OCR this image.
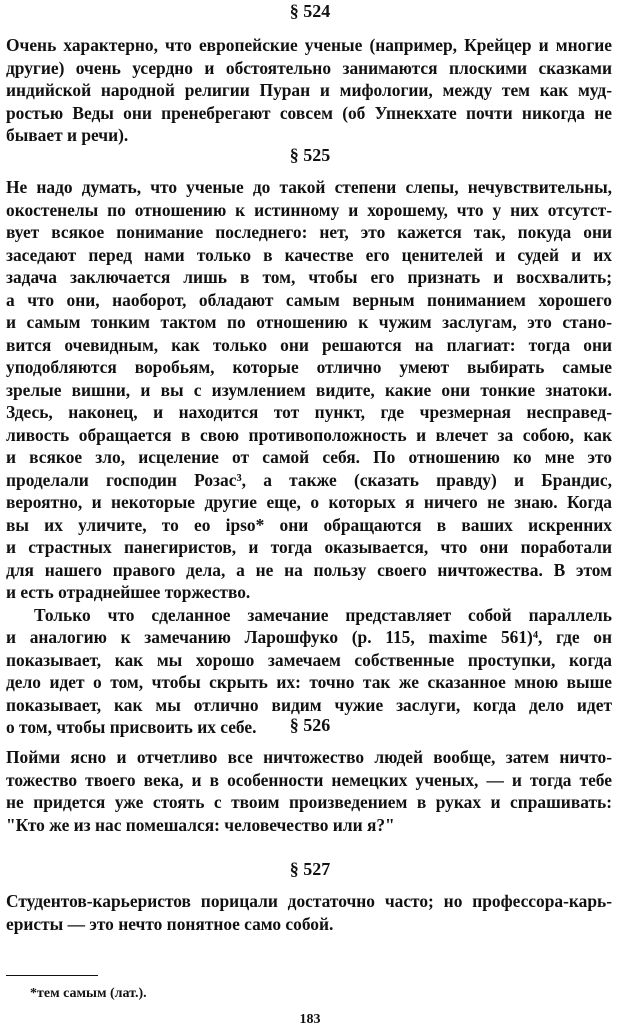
§ 524
Очень характерно, что европейские ученые (например, Крейцер и многие
другие) очень усердно и обстоятельно занимаются плоскими сказками
индийской народной религии Пуран и мифологии, между тем как муд-
ростью Веды они пренебрегают совсем (об Упнекхате почти никогда не
бывает и речи).
§ 525
Не надо думать, что ученые до такой степени слепы, нечувствительны,
окостенелы по отношению к истинному и хорошему, что у них отсутст-
вует всякое понимание последнего: нет, это кажется так, покуда они
заседают перед нами только в качестве его ценителей и судей и их
задача заключается лишь в том, чтобы его признать и восхвалить;
а что они, наоборот, обладают самым верным пониманием хорошего
и самым тонким тактом по отношению к чужим заслугам, это стано-
вится очевидным, как только они решаются на плагиат: тогда они
уподобляются воробьям, которые отлично умеют выбирать самые
зрелые вишни, и вы с изумлением видите, какие они тонкие знатоки.
Здесь, наконец, и находится тот пункт, где чрезмерная несправед-
ливость обращается в свою противоположность и влечет за собою, как
и всякое зло, исцеление от самой себя. По отношению ко мне это
проделали господин Розас³, а также (сказать правду) и Брандис,
вероятно, и некоторые другие еще, о которых я ничего не знаю. Когда
вы их уличите, то ео ipso* они обращаются в ваших искренних
и страстных панегиристов, и тогда оказывается, что они поработали
для нашего правого дела, а не на пользу своего ничтожества. В этом
и есть отраднейшее торжество.
Только что сделанное замечание представляет собой параллель
и аналогию к замечанию Ларошфуко (р. 115, maxime 561)⁴, где он
показывает, как мы хорошо замечаем собственные проступки, когда
дело идет о том, чтобы скрыть их: точно так же сказанное мною выше
показывает, как мы отлично видим чужие заслуги, когда дело идет
о том, чтобы присвоить их себе.	§ 526
Пойми ясно и отчетливо все ничтожество людей вообще, затем ничто-
тожество твоего века, и в особенности немецких ученых, — и тогда тебе
не придется уже стоять с твоим произведением в руках и спрашивать:
"Кто же из нас помешался: человечество или я?"
§ 527
Студентов-карьеристов порицали достаточно часто; но профессора-карь-
еристы — это нечто понятное само собой.
*тем самым (лат.).
183
